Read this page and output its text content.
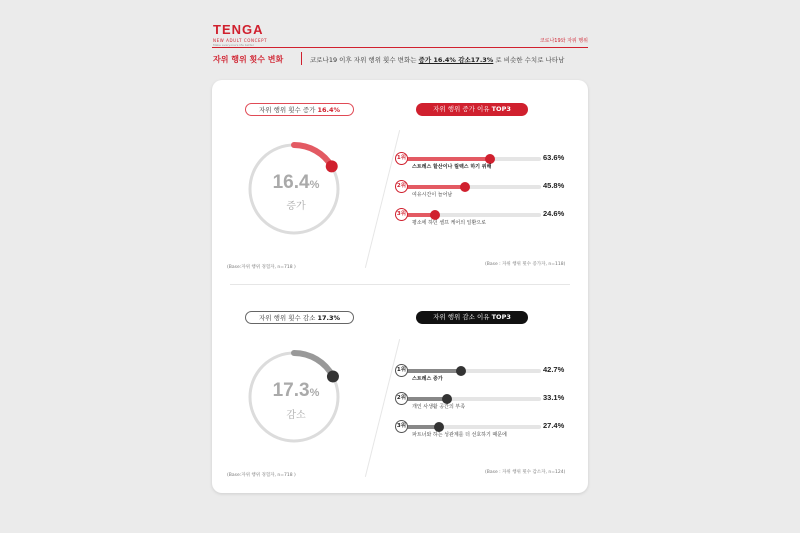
TENGA
NEW ADULT CONCEPT
Make everyone's life better
코로나19와 자위 행위
자위 행위 횟수 변화	코로나19 이후 자위 행위 횟수 변화는 증가 16.4% 감소17.3% 로 비슷한 수치로 나타남
자위 행위 횟수 증가 16.4%
16.4%
증가
(Base:자위 행위 경험자, n=718 )
자위 행위 증가 이유 TOP3
1위
스트레스 할산이나 릴렉스 하기 위해
63.6%
2위
여유시간이 늘어남
45.8%
3위
평소에 하던 셀프 케어의 일환으로
24.6%
(Base : 자위 행위 횟수 증가자, n=118)
자위 행위 횟수 감소 17.3%
17.3%
감소
(Base:자위 행위 경험자, n=718 )
자위 행위 감소 이유 TOP3
1위
스트레스 증가
42.7%
2위
개인 사생활 공간의 부족
33.1%
3위
파트너와 하는 성관계를 더 선호하기 때문에
27.4%
(Base : 자위 행위 횟수 감소자, n=124)
